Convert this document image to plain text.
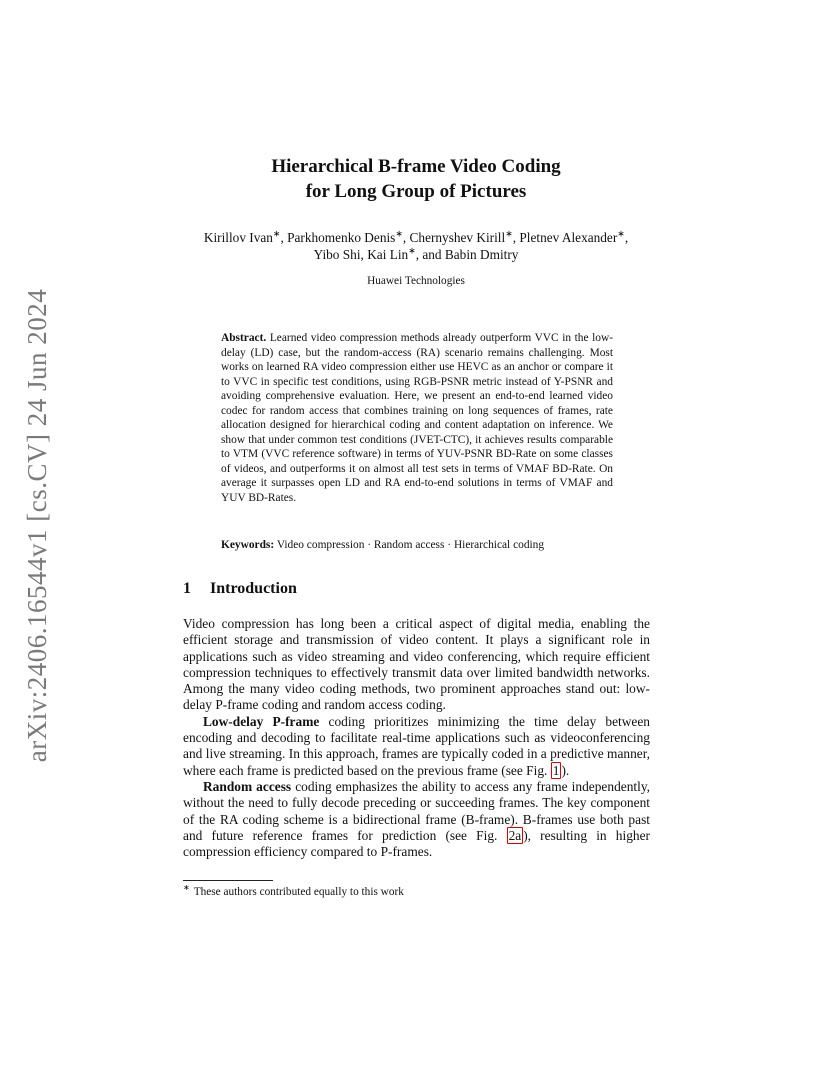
arXiv:2406.16544v1 [cs.CV] 24 Jun 2024
Hierarchical B-frame Video Coding
for Long Group of Pictures
Kirillov Ivan∗, Parkhomenko Denis∗, Chernyshev Kirill∗, Pletnev Alexander∗,
Yibo Shi, Kai Lin∗, and Babin Dmitry
Huawei Technologies
Abstract. Learned video compression methods already outperform VVC in the low-delay (LD) case, but the random-access (RA) scenario remains challenging. Most works on learned RA video compression either use HEVC as an anchor or compare it to VVC in specific test conditions, using RGB-PSNR metric instead of Y-PSNR and avoiding comprehensive evaluation. Here, we present an end-to-end learned video codec for random access that combines training on long sequences of frames, rate allocation designed for hierarchical coding and content adaptation on inference. We show that under common test conditions (JVET-CTC), it achieves results comparable to VTM (VVC reference software) in terms of YUV-PSNR BD-Rate on some classes of videos, and outperforms it on almost all test sets in terms of VMAF BD-Rate. On average it surpasses open LD and RA end-to-end solutions in terms of VMAF and YUV BD-Rates.
Keywords: Video compression · Random access · Hierarchical coding
1 Introduction

Video compression has long been a critical aspect of digital media, enabling the efficient storage and transmission of video content. It plays a significant role in applications such as video streaming and video conferencing, which require efficient compression techniques to effectively transmit data over limited bandwidth networks. Among the many video coding methods, two prominent approaches stand out: low-delay P-frame coding and random access coding.

Low-delay P-frame coding prioritizes minimizing the time delay between encoding and decoding to facilitate real-time applications such as videoconferencing and live streaming. In this approach, frames are typically coded in a predictive manner, where each frame is predicted based on the previous frame (see Fig. 1 ).

Random access coding emphasizes the ability to access any frame independently, without the need to fully decode preceding or succeeding frames. The key component of the RA coding scheme is a bidirectional frame (B-frame). B-frames use both past and future reference frames for prediction (see Fig. 2a ), resulting in higher compression efficiency compared to P-frames.

∗ These authors contributed equally to this work
